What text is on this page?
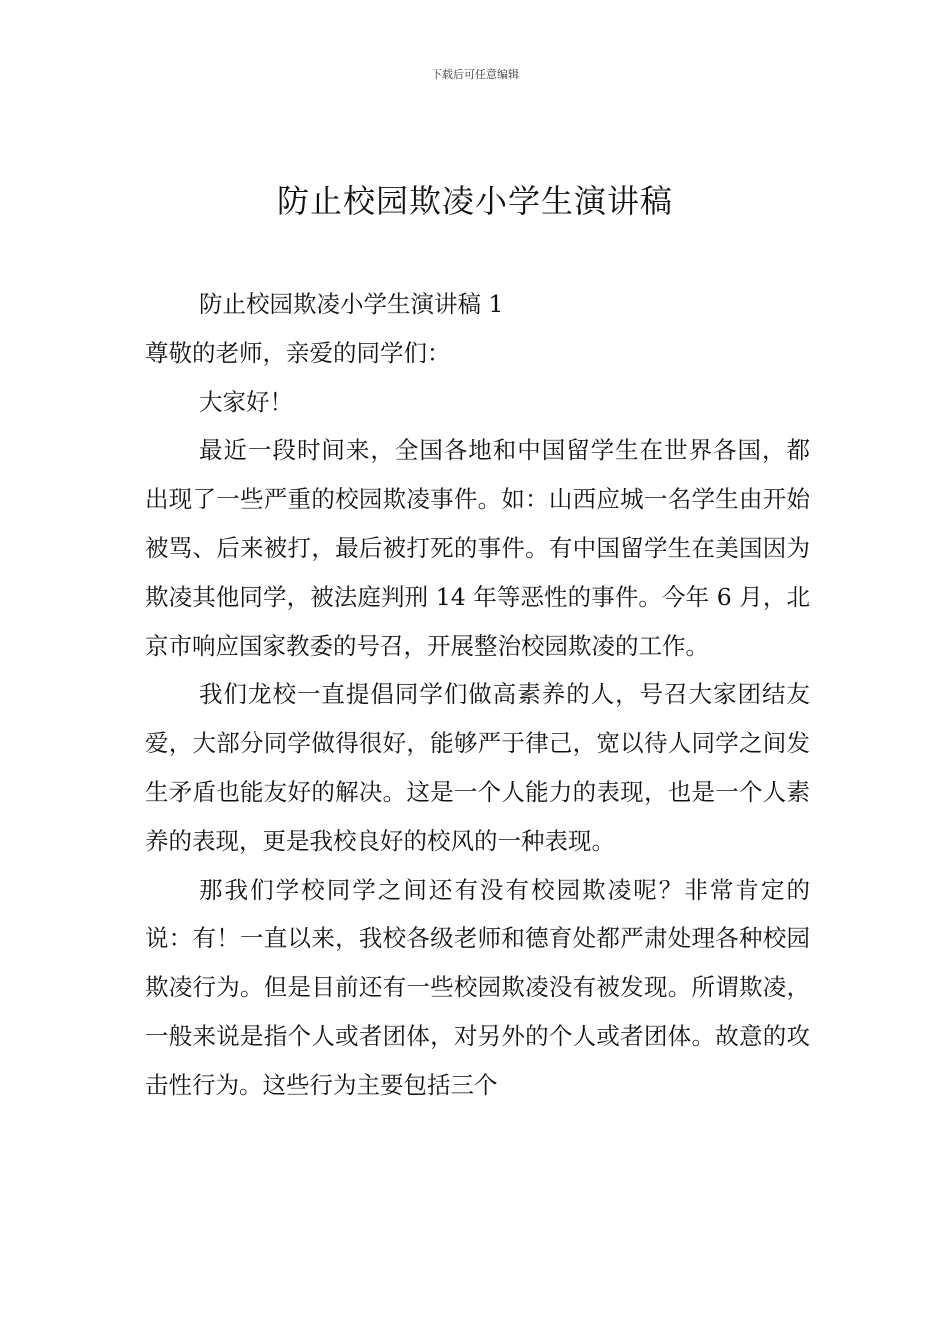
下载后可任意编辑
防止校园欺凌小学生演讲稿

防止校园欺凌小学生演讲稿 1

尊敬的老师，亲爱的同学们：

大家好！

最近一段时间来，全国各地和中国留学生在世界各国，都出现了一些严重的校园欺凌事件。如：山西应城一名学生由开始被骂、后来被打，最后被打死的事件。有中国留学生在美国因为欺凌其他同学，被法庭判刑 14 年等恶性的事件。今年 6 月，北京市响应国家教委的号召，开展整治校园欺凌的工作。

我们龙校一直提倡同学们做高素养的人，号召大家团结友爱，大部分同学做得很好，能够严于律己，宽以待人同学之间发生矛盾也能友好的解决。这是一个人能力的表现，也是一个人素养的表现，更是我校良好的校风的一种表现。

那我们学校同学之间还有没有校园欺凌呢？非常肯定的说：有！一直以来，我校各级老师和德育处都严肃处理各种校园欺凌行为。但是目前还有一些校园欺凌没有被发现。所谓欺凌，一般来说是指个人或者团体，对另外的个人或者团体。故意的攻击性行为。这些行为主要包括三个
